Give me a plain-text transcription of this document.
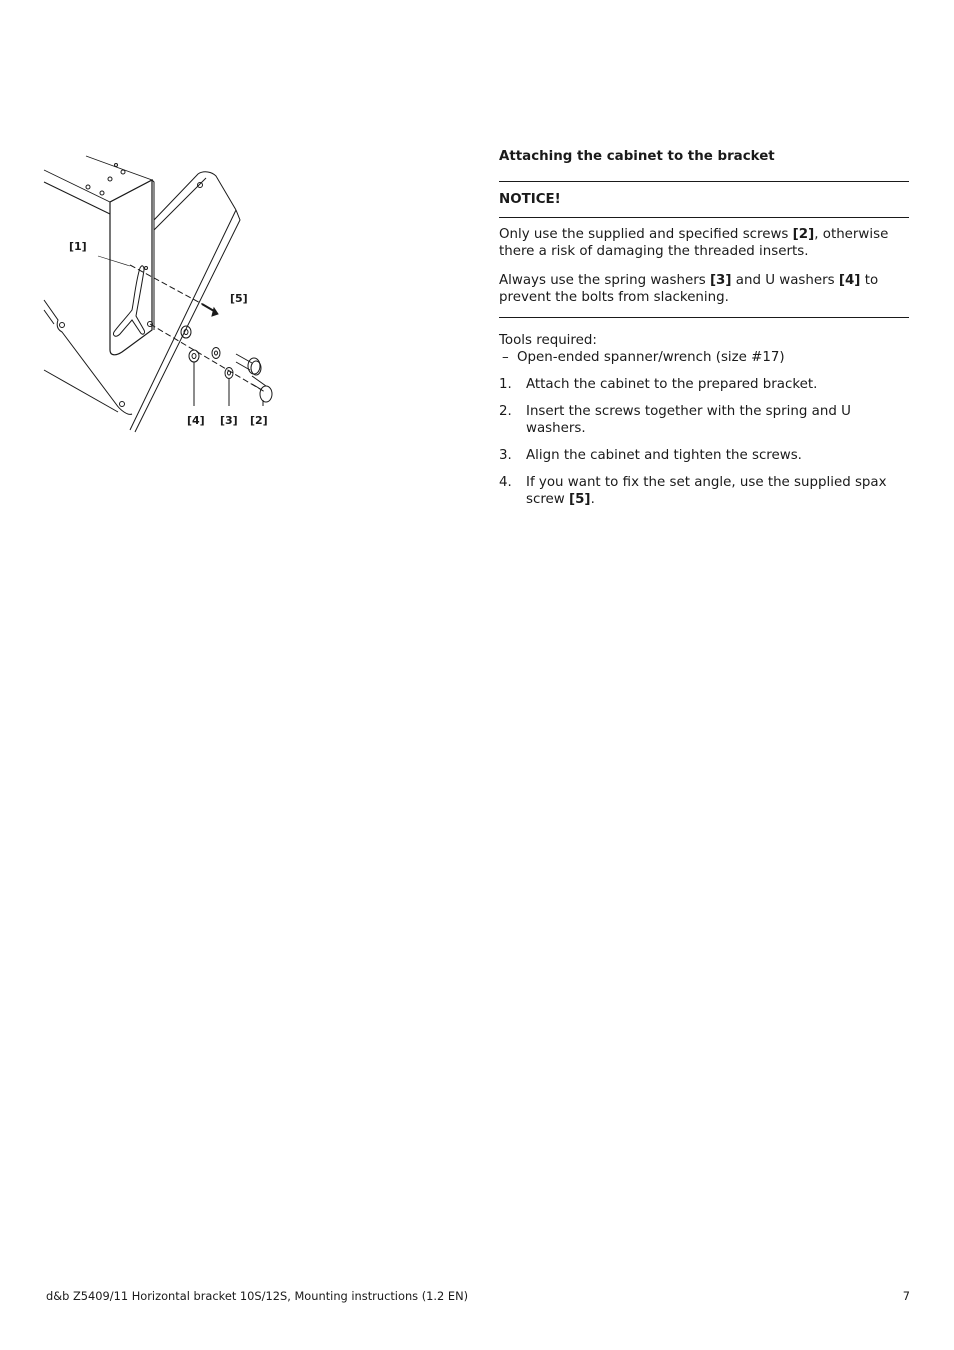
[1]
[5]
[4] [3] [2]
Attaching the cabinet to the bracket
NOTICE!

Only use the supplied and specified screws [2], otherwise there a risk of damaging the threaded inserts.

Always use the spring washers [3] and U washers [4] to prevent the bolts from slackening.

Tools required:
– Open-ended spanner/wrench (size #17)
1. Attach the cabinet to the prepared bracket.
2. Insert the screws together with the spring and U washers.
3. Align the cabinet and tighten the screws.
4. If you want to fix the set angle, use the supplied spax screw [5].
d&b Z5409/11 Horizontal bracket 10S/12S, Mounting instructions (1.2 EN)	7
